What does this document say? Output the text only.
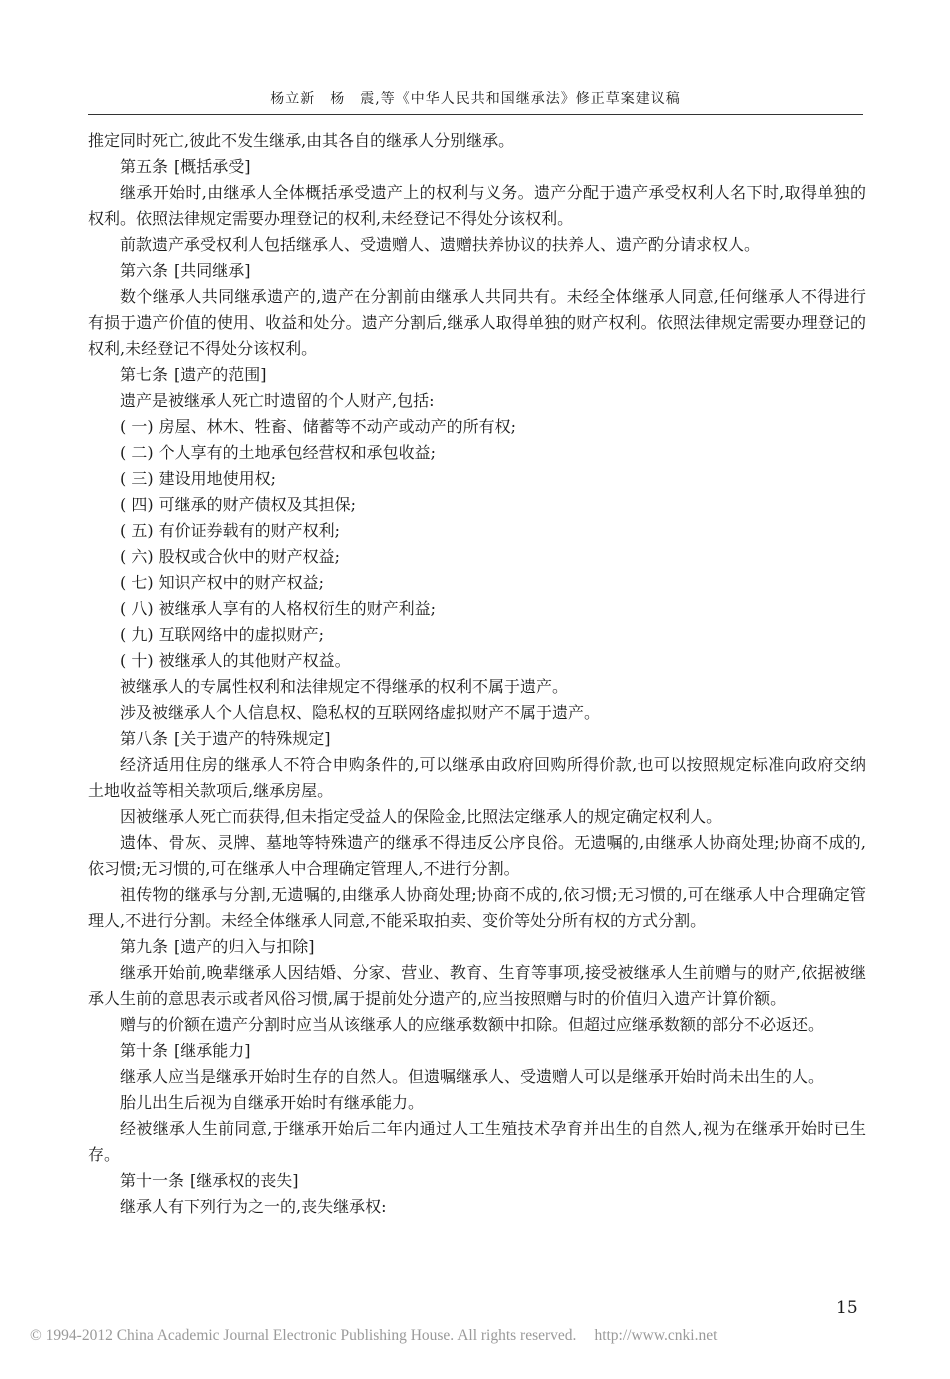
杨立新　杨　震,等《中华人民共和国继承法》修正草案建议稿

推定同时死亡,彼此不发生继承,由其各自的继承人分别继承。

第五条 [ 概括承受 ]

继承开始时,由继承人全体概括承受遗产上的权利与义务。遗产分配于遗产承受权利人名下时,取得单独的权利。依照法律规定需要办理登记的权利,未经登记不得处分该权利。

前款遗产承受权利人包括继承人、受遗赠人、遗赠扶养协议的扶养人、遗产酌分请求权人。

第六条 [ 共同继承 ]

数个继承人共同继承遗产的,遗产在分割前由继承人共同共有。未经全体继承人同意,任何继承人不得进行有损于遗产价值的使用、收益和处分。遗产分割后,继承人取得单独的财产权利。依照法律规定需要办理登记的权利,未经登记不得处分该权利。

第七条 [ 遗产的范围 ]

遗产是被继承人死亡时遗留的个人财产,包括:

( 一) 房屋、林木、牲畜、储蓄等不动产或动产的所有权;

( 二) 个人享有的土地承包经营权和承包收益;

( 三) 建设用地使用权;

( 四) 可继承的财产债权及其担保;

( 五) 有价证券载有的财产权利;

( 六) 股权或合伙中的财产权益;

( 七) 知识产权中的财产权益;

( 八) 被继承人享有的人格权衍生的财产利益;

( 九) 互联网络中的虚拟财产;

( 十) 被继承人的其他财产权益。

被继承人的专属性权利和法律规定不得继承的权利不属于遗产。

涉及被继承人个人信息权、隐私权的互联网络虚拟财产不属于遗产。

第八条 [ 关于遗产的特殊规定 ]

经济适用住房的继承人不符合申购条件的,可以继承由政府回购所得价款,也可以按照规定标准向政府交纳土地收益等相关款项后,继承房屋。

因被继承人死亡而获得,但未指定受益人的保险金,比照法定继承人的规定确定权利人。

遗体、骨灰、灵牌、墓地等特殊遗产的继承不得违反公序良俗。无遗嘱的,由继承人协商处理;协商不成的,依习惯;无习惯的,可在继承人中合理确定管理人,不进行分割。

祖传物的继承与分割,无遗嘱的,由继承人协商处理;协商不成的,依习惯;无习惯的,可在继承人中合理确定管理人,不进行分割。未经全体继承人同意,不能采取拍卖、变价等处分所有权的方式分割。

第九条 [ 遗产的归入与扣除 ]

继承开始前,晚辈继承人因结婚、分家、营业、教育、生育等事项,接受被继承人生前赠与的财产,依据被继承人生前的意思表示或者风俗习惯,属于提前处分遗产的,应当按照赠与时的价值归入遗产计算价额。

赠与的价额在遗产分割时应当从该继承人的应继承数额中扣除。但超过应继承数额的部分不必返还。

第十条 [ 继承能力 ]

继承人应当是继承开始时生存的自然人。但遗嘱继承人、受遗赠人可以是继承开始时尚未出生的人。

胎儿出生后视为自继承开始时有继承能力。

经被继承人生前同意,于继承开始后二年内通过人工生殖技术孕育并出生的自然人,视为在继承开始时已生存。

第十一条 [ 继承权的丧失 ]

继承人有下列行为之一的,丧失继承权:

15
© 1994-2012 China Academic Journal Electronic Publishing House. All rights reserved. http://www.cnki.net
